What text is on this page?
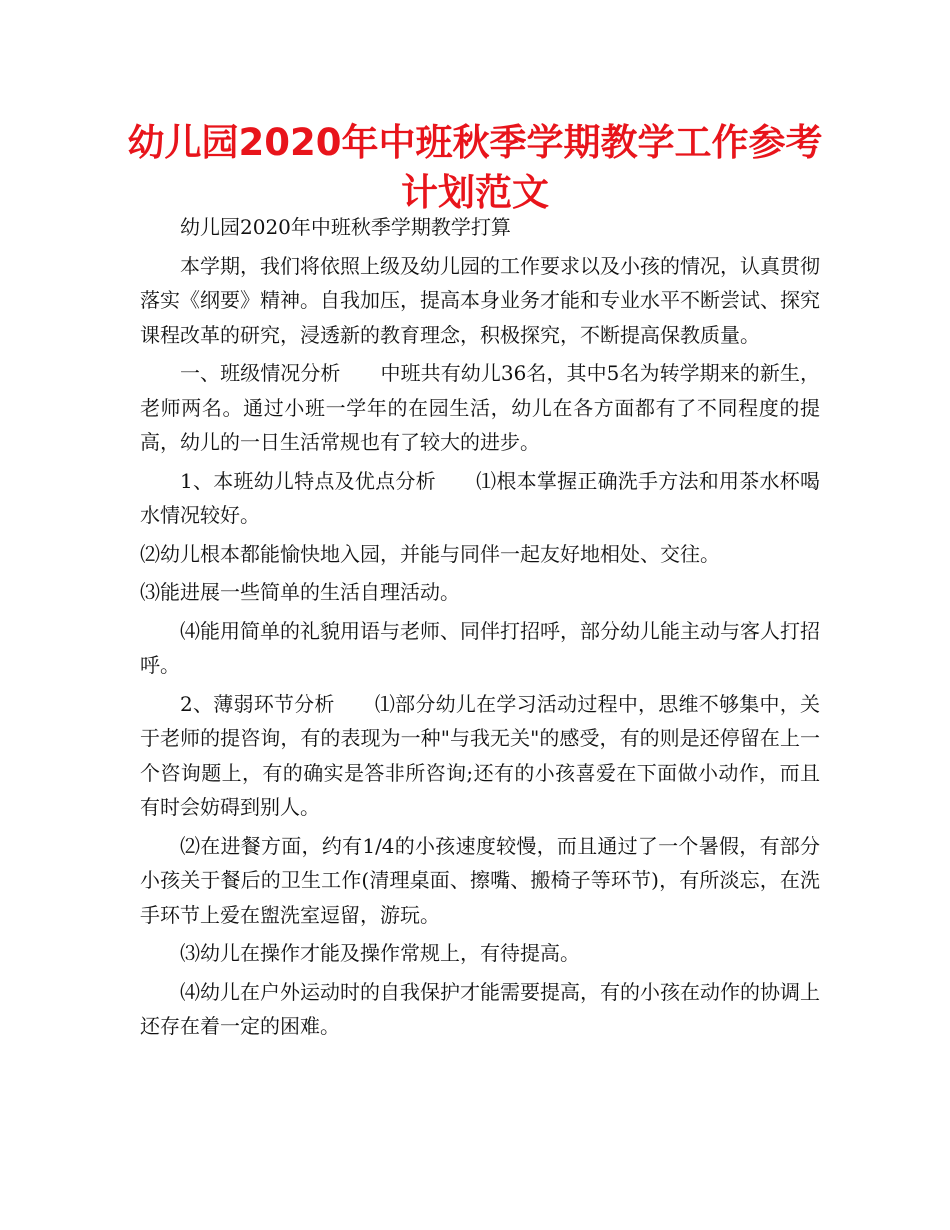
幼儿园2020年中班秋季学期教学工作参考计划范文

幼儿园2020年中班秋季学期教学打算

本学期，我们将依照上级及幼儿园的工作要求以及小孩的情况，认真贯彻落实《纲要》精神。自我加压，提高本身业务才能和专业水平不断尝试、探究课程改革的研究，浸透新的教育理念，积极探究，不断提高保教质量。

一、班级情况分析 中班共有幼儿36名，其中5名为转学期来的新生，老师两名。通过小班一学年的在园生活，幼儿在各方面都有了不同程度的提高，幼儿的一日生活常规也有了较大的进步。

1、本班幼儿特点及优点分析 ⑴根本掌握正确洗手方法和用茶水杯喝水情况较好。

⑵幼儿根本都能愉快地入园，并能与同伴一起友好地相处、交往。

⑶能进展一些简单的生活自理活动。

⑷能用简单的礼貌用语与老师、同伴打招呼，部分幼儿能主动与客人打招呼。

2、薄弱环节分析 ⑴部分幼儿在学习活动过程中，思维不够集中，关于老师的提咨询，有的表现为一种"与我无关"的感受，有的则是还停留在上一个咨询题上，有的确实是答非所咨询;还有的小孩喜爱在下面做小动作，而且有时会妨碍到别人。

⑵在进餐方面，约有1/4的小孩速度较慢，而且通过了一个暑假，有部分小孩关于餐后的卫生工作(清理桌面、擦嘴、搬椅子等环节)，有所淡忘，在洗手环节上爱在盥洗室逗留，游玩。

⑶幼儿在操作才能及操作常规上，有待提高。

⑷幼儿在户外运动时的自我保护才能需要提高，有的小孩在动作的协调上还存在着一定的困难。
